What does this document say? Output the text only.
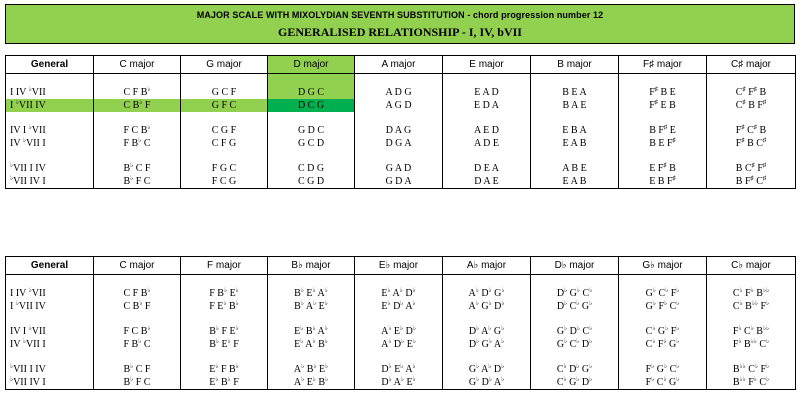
MAJOR SCALE WITH MIXOLYDIAN SEVENTH SUBSTITUTION - chord progression number 12
GENERALISED RELATIONSHIP - I, IV, bVII
General	C major	G major	D major	A major	E major	B major	F♯ major	C♯ major

I IV ♭VII	C F B♭	G C F	D G C	A D G	E A D	B E A	F♯ B E	C♯ F♯ B
I ♭VII IV	C B♭ F	G F C	D C G	A G D	E D A	B A E	F♯ E B	C♯ B F♯

IV I ♭VII	F C B♭	C G F	G D C	D A G	A E D	E B A	B F♯ E	F♯ C♯ B
IV ♭VII I	F B♭ C	C F G	G C D	D G A	A D E	E A B	B E F♯	F♯ B C♯

♭VII I IV	B♭ C F	F G C	C D G	G A D	D E A	A B E	E F♯ B	B C♯ F♯
♭VII IV I	B♭ F C	F C G	C G D	G D A	D A E	E A B	E B F♯	B F♯ C♯
General	C major	F major	B♭ major	E♭ major	A♭ major	D♭ major	G♭ major	C♭ major

I IV ♭VII	C F B♭	F B♭ E♭	B♭ E♭ A♭	E♭ A♭ D♭	A♭ D♭ G♭	D♭ G♭ C♭	G♭ C♭ F♭	C♭ F♭ B♭♭
I ♭VII IV	C B♭ F	F E♭ B♭	B♭ A♭ E♭	E♭ D♭ A♭	A♭ G♭ D♭	D♭ C♭ G♭	G♭ F♭ C♭	C♭ B♭♭ F♭

IV I ♭VII	F C B♭	B♭ F E♭	E♭ B♭ A♭	A♭ E♭ D♭	D♭ A♭ G♭	G♭ D♭ C♭	C♭ G♭ F♭	F♭ C♭ B♭♭
IV ♭VII I	F B♭ C	B♭ E♭ F	E♭ A♭ B♭	A♭ D♭ E♭	D♭ G♭ A♭	G♭ C♭ D♭	C♭ F♭ G♭	F♭ B♭♭ C♭

♭VII I IV	B♭ C F	E♭ F B♭	A♭ B♭ E♭	D♭ E♭ A♭	G♭ A♭ D♭	C♭ D♭ G♭	F♭ G♭ C♭	B♭♭ C♭ F♭
♭VII IV I	B♭ F C	E♭ B♭ F	A♭ E♭ B♭	D♭ A♭ E♭	G♭ D♭ A♭	C♭ G♭ D♭	F♭ C♭ G♭	B♭♭ F♭ C♭
